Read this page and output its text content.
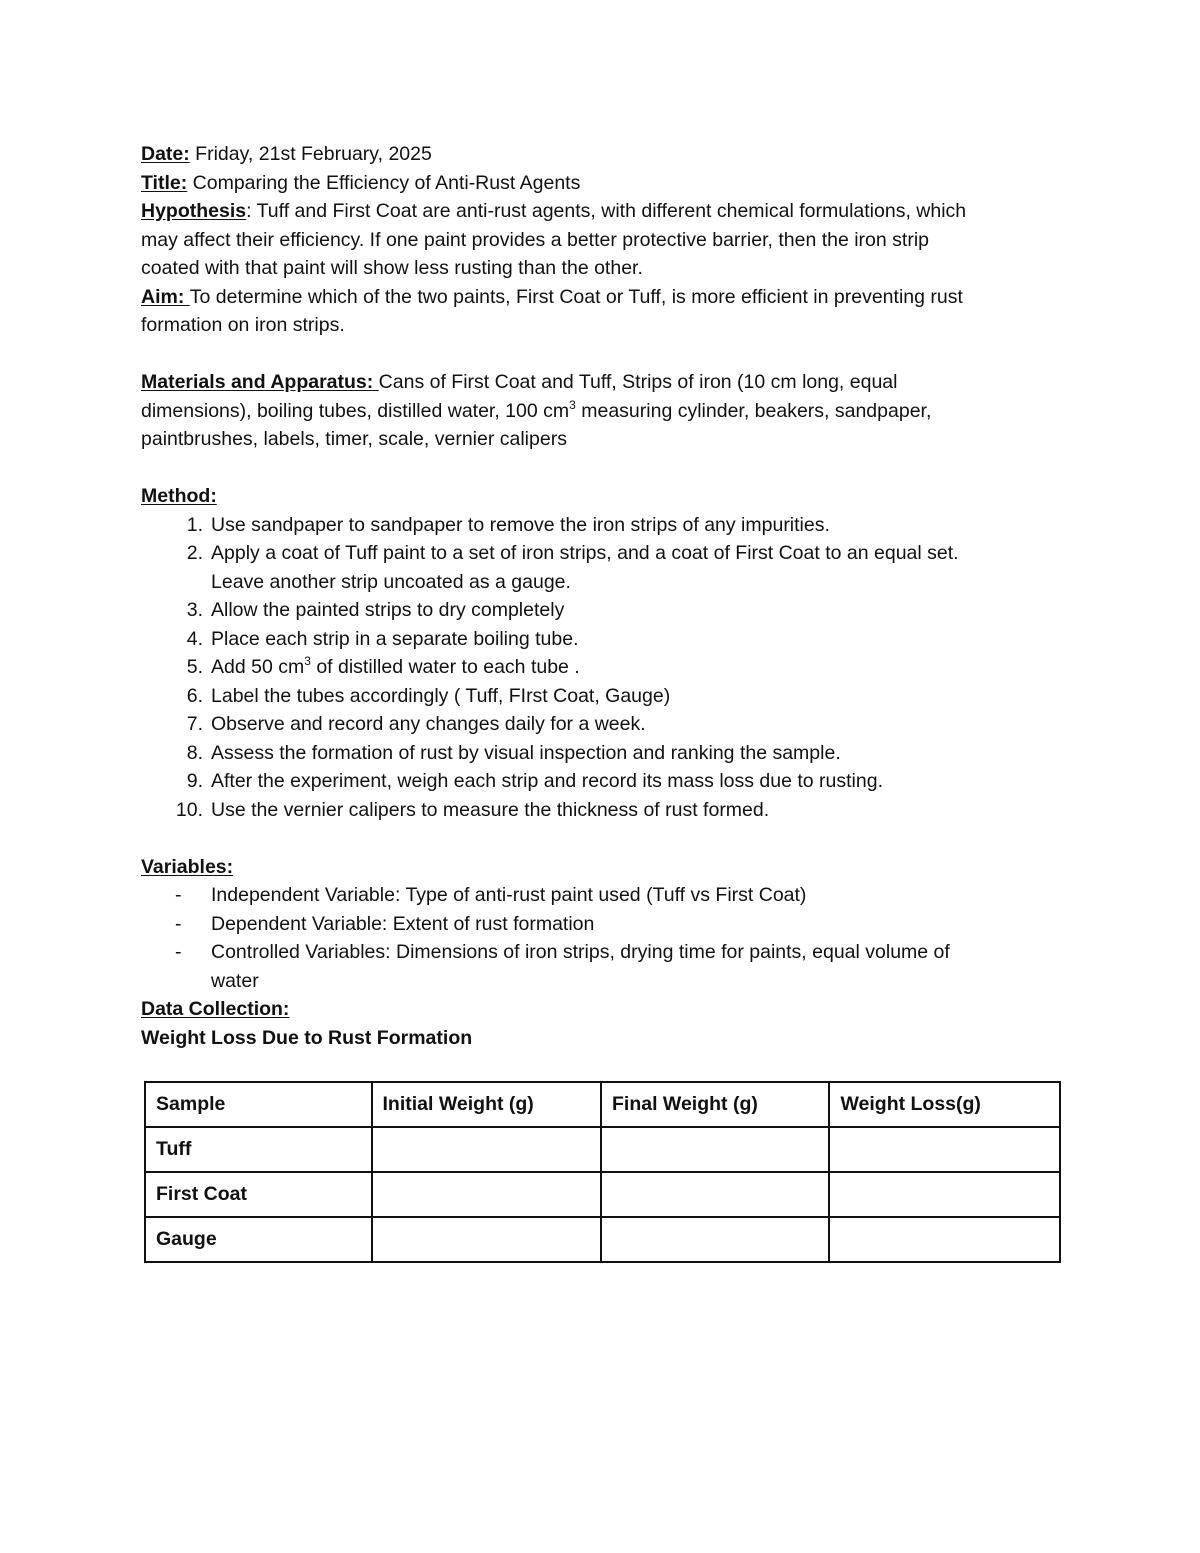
Date: Friday, 21st February, 2025

Title: Comparing the Efficiency of Anti-Rust Agents

Hypothesis: Tuff and First Coat are anti-rust agents, with different chemical formulations, which

may affect their efficiency. If one paint provides a better protective barrier, then the iron strip

coated with that paint will show less rusting than the other.

Aim: To determine which of the two paints, First Coat or Tuff, is more efficient in preventing rust

formation on iron strips.

Materials and Apparatus: Cans of First Coat and Tuff, Strips of iron (10 cm long, equal

dimensions), boiling tubes, distilled water, 100 $cm^3$ measuring cylinder, beakers, sandpaper,

paintbrushes, labels, timer, scale, vernier calipers

Method:

1. Use sandpaper to sandpaper to remove the iron strips of any impurities.
2. Apply a coat of Tuff paint to a set of iron strips, and a coat of First Coat to an equal set.
Leave another strip uncoated as a gauge.
3. Allow the painted strips to dry completely
4. Place each strip in a separate boiling tube.
5. Add 50 $cm^3$ of distilled water to each tube .
6. Label the tubes accordingly ( Tuff, FIrst Coat, Gauge)
7. Observe and record any changes daily for a week.
8. Assess the formation of rust by visual inspection and ranking the sample.
9. After the experiment, weigh each strip and record its mass loss due to rusting.
10. Use the vernier calipers to measure the thickness of rust formed.

Variables:

- Independent Variable: Type of anti-rust paint used (Tuff vs First Coat)
- Dependent Variable: Extent of rust formation
- Controlled Variables: Dimensions of iron strips, drying time for paints, equal volume of
water

Data Collection:

Weight Loss Due to Rust Formation

Sample	Initial Weight (g)	Final Weight (g)	Weight Loss(g)
Tuff			
First Coat			
Gauge			
